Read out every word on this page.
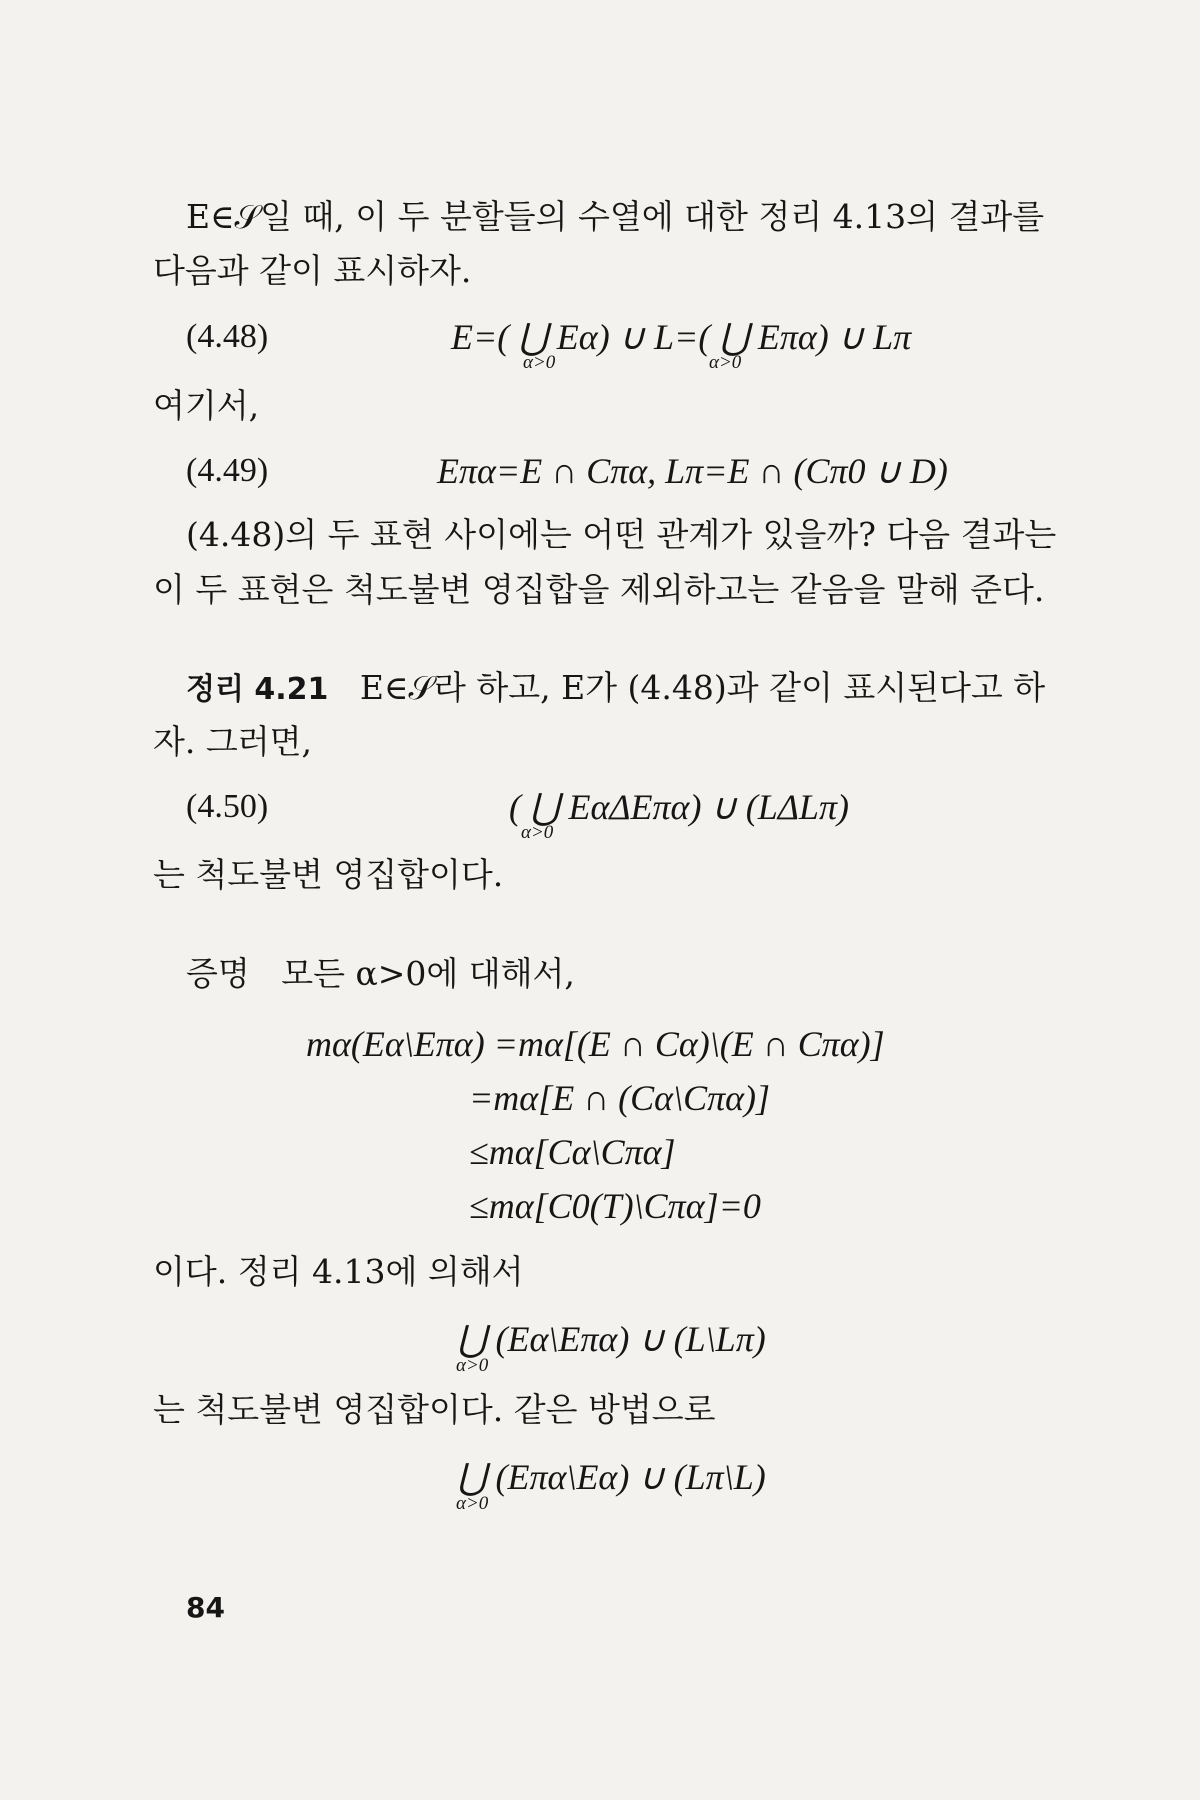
E∈𝒮일 때, 이 두 분할들의 수열에 대한 정리 4.13의 결과를
다음과 같이 표시하자.
(4.48)	E=( ⋃ Eα) ∪ L=( ⋃ Eπα) ∪ Lπ
α>0	α>0
여기서,
(4.49)	Eπα=E ∩ Cπα, Lπ=E ∩ (Cπ0 ∪ D)
(4.48)의 두 표현 사이에는 어떤 관계가 있을까? 다음 결과는
이 두 표현은 척도불변 영집합을 제외하고는 같음을 말해 준다.
정리 4.21 E∈𝒮라 하고, E가 (4.48)과 같이 표시된다고 하
자. 그러면,
(4.50)	( ⋃ EαΔEπα) ∪ (LΔLπ)
α>0
는 척도불변 영집합이다.
증명 모든 α>0에 대해서,
mα(Eα\Eπα) =mα[(E ∩ Cα)\(E ∩ Cπα)]
=mα[E ∩ (Cα\Cπα)]
≤mα[Cα\Cπα]
≤mα[C0(T)\Cπα]=0
이다. 정리 4.13에 의해서
⋃ (Eα\Eπα) ∪ (L\Lπ)
α>0
는 척도불변 영집합이다. 같은 방법으로
⋃ (Eπα\Eα) ∪ (Lπ\L)
α>0
84
